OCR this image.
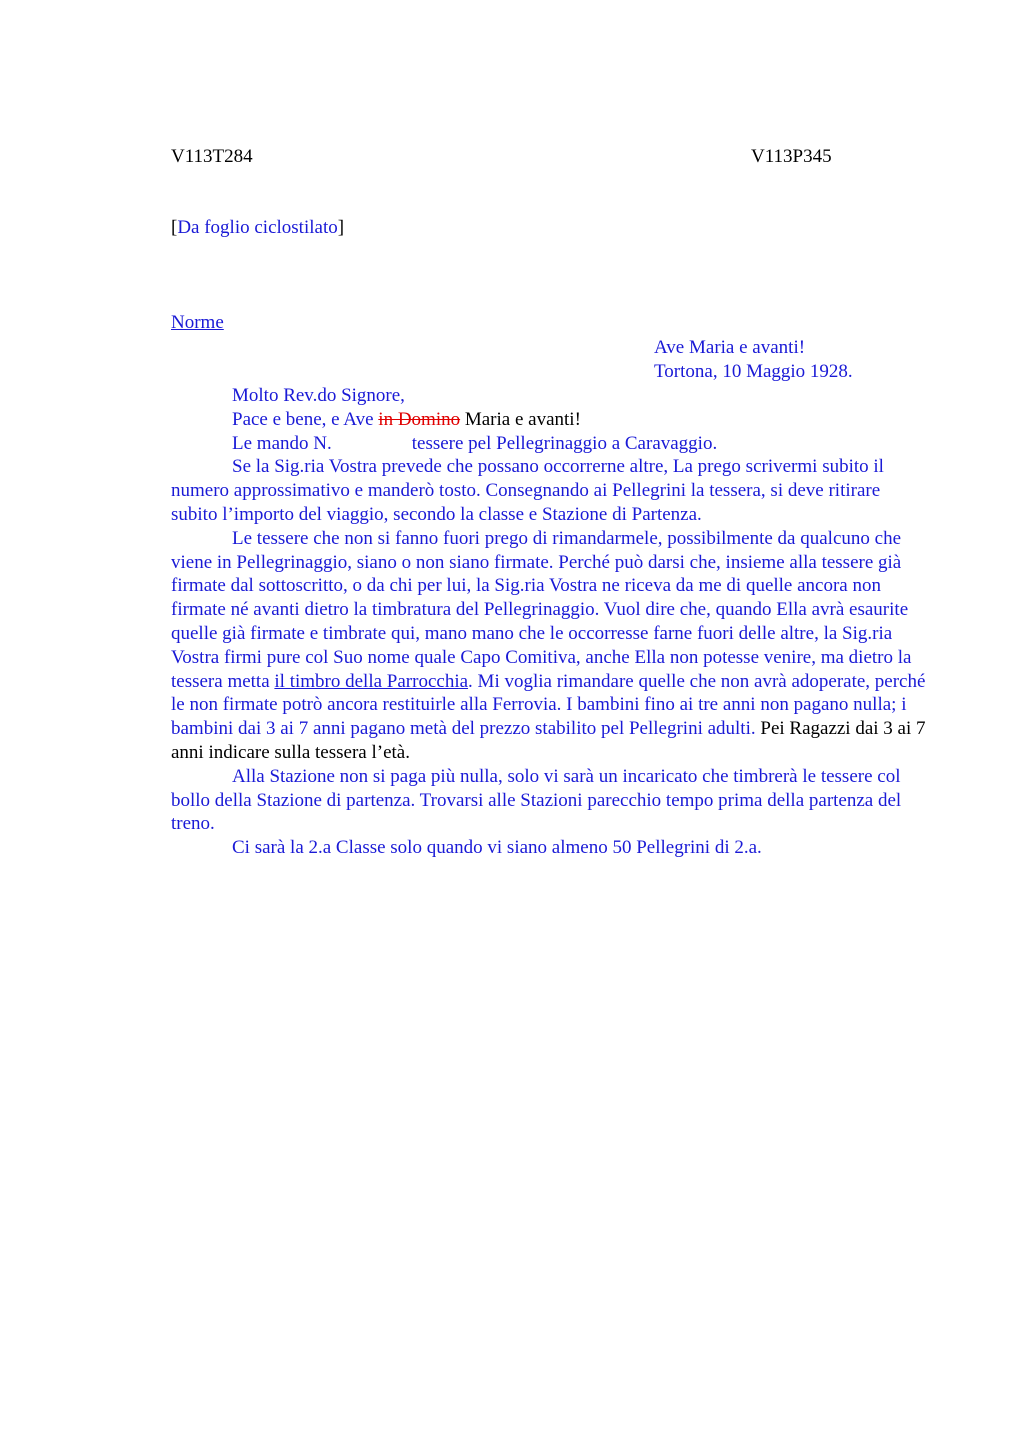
V113T284	V113P345
[Da foglio ciclostilato]
Norme
Ave Maria e avanti!
Tortona, 10 Maggio 1928.

Molto Rev.do Signore,

Pace e bene, e Ave in Domino Maria e avanti!

Le mando N.	tessere pel Pellegrinaggio a Caravaggio.

Se la Sig.ria Vostra prevede che possano occorrerne altre, La prego scrivermi subito il numero approssimativo e manderò tosto. Consegnando ai Pellegrini la tessera, si deve ritirare subito l’importo del viaggio, secondo la classe e Stazione di Partenza.

Le tessere che non si fanno fuori prego di rimandarmele, possibilmente da qualcuno che viene in Pellegrinaggio, siano o non siano firmate. Perché può darsi che, insieme alla tessere già firmate dal sottoscritto, o da chi per lui, la Sig.ria Vostra ne riceva da me di quelle ancora non firmate né avanti dietro la timbratura del Pellegrinaggio. Vuol dire che, quando Ella avrà esaurite quelle già firmate e timbrate qui, mano mano che le occorresse farne fuori delle altre, la Sig.ria Vostra firmi pure col Suo nome quale Capo Comitiva, anche Ella non potesse venire, ma dietro la tessera metta il timbro della Parrocchia. Mi voglia rimandare quelle che non avrà adoperate, perché le non firmate potrò ancora restituirle alla Ferrovia. I bambini fino ai tre anni non pagano nulla; i bambini dai 3 ai 7 anni pagano metà del prezzo stabilito pel Pellegrini adulti. Pei Ragazzi dai 3 ai 7 anni indicare sulla tessera l’età.

Alla Stazione non si paga più nulla, solo vi sarà un incaricato che timbrerà le tessere col bollo della Stazione di partenza. Trovarsi alle Stazioni parecchio tempo prima della partenza del treno.

Ci sarà la 2.a Classe solo quando vi siano almeno 50 Pellegrini di 2.a.
